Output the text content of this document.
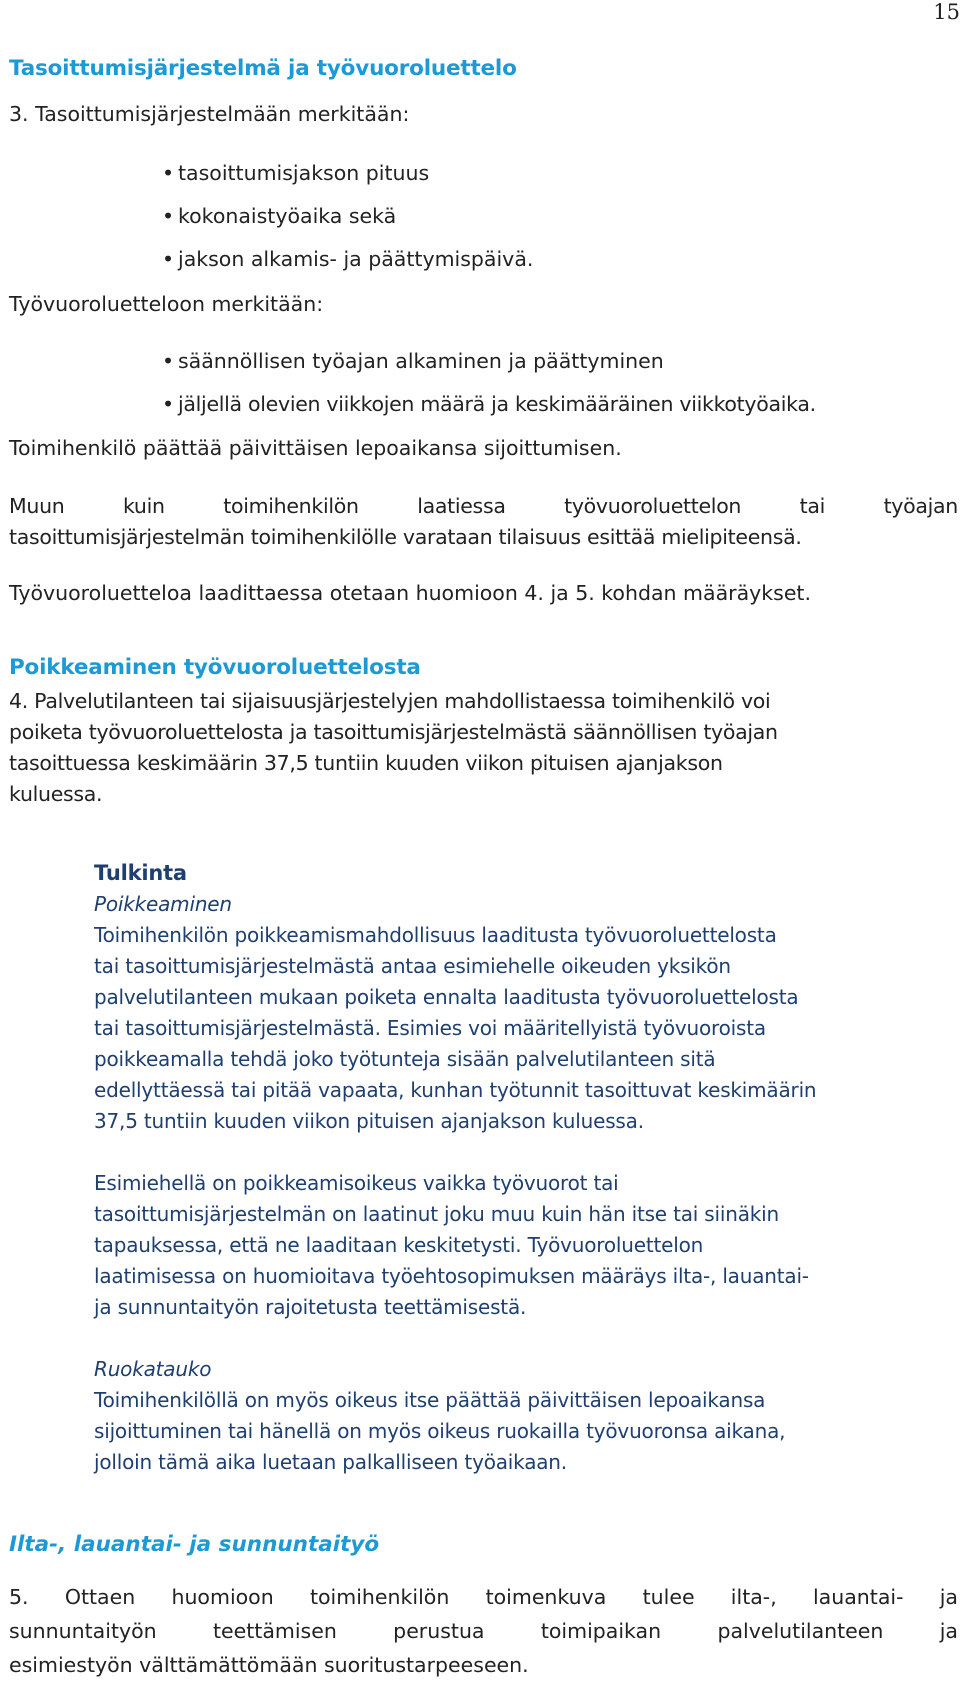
15
Tasoittumisjärjestelmä ja työvuoroluettelo

3. Tasoittumisjärjestelmään merkitään:

•tasoittumisjakson pituus
•kokonaistyöaika sekä
•jakson alkamis- ja päättymispäivä.

Työvuoroluetteloon merkitään:

•säännöllisen työajan alkaminen ja päättyminen
•jäljellä olevien viikkojen määrä ja keskimääräinen viikkotyöaika.

Toimihenkilö päättää päivittäisen lepoaikansa sijoittumisen.

Muun kuin toimihenkilön laatiessa työvuoroluettelon tai työajan
tasoittumisjärjestelmän toimihenkilölle varataan tilaisuus esittää mielipiteensä.

Työvuoroluetteloa laadittaessa otetaan huomioon 4. ja 5. kohdan määräykset.

Poikkeaminen työvuoroluettelosta
4. Palvelutilanteen tai sijaisuusjärjestelyjen mahdollistaessa toimihenkilö voi
poiketa työvuoroluettelosta ja tasoittumisjärjestelmästä säännöllisen työajan
tasoittuessa keskimäärin 37,5 tuntiin kuuden viikon pituisen ajanjakson
kuluessa.

Tulkinta

Poikkeaminen

Toimihenkilön poikkeamismahdollisuus laaditusta työvuoroluettelosta

tai tasoittumisjärjestelmästä antaa esimiehelle oikeuden yksikön

palvelutilanteen mukaan poiketa ennalta laaditusta työvuoroluettelosta

tai tasoittumisjärjestelmästä. Esimies voi määritellyistä työvuoroista

poikkeamalla tehdä joko työtunteja sisään palvelutilanteen sitä

edellyttäessä tai pitää vapaata, kunhan työtunnit tasoittuvat keskimäärin

37,5 tuntiin kuuden viikon pituisen ajanjakson kuluessa.

Esimiehellä on poikkeamisoikeus vaikka työvuorot tai

tasoittumisjärjestelmän on laatinut joku muu kuin hän itse tai siinäkin

tapauksessa, että ne laaditaan keskitetysti. Työvuoroluettelon

laatimisessa on huomioitava työehtosopimuksen määräys ilta-, lauantai-

ja sunnuntaityön rajoitetusta teettämisestä.

Ruokatauko

Toimihenkilöllä on myös oikeus itse päättää päivittäisen lepoaikansa

sijoittuminen tai hänellä on myös oikeus ruokailla työvuoronsa aikana,

jolloin tämä aika luetaan palkalliseen työaikaan.

Ilta-, lauantai- ja sunnuntaityö
5. Ottaen huomioon toimihenkilön toimenkuva tulee ilta-, lauantai- ja
sunnuntaityön teettämisen perustua toimipaikan palvelutilanteen ja
esimiestyön välttämättömään suoritustarpeeseen.
